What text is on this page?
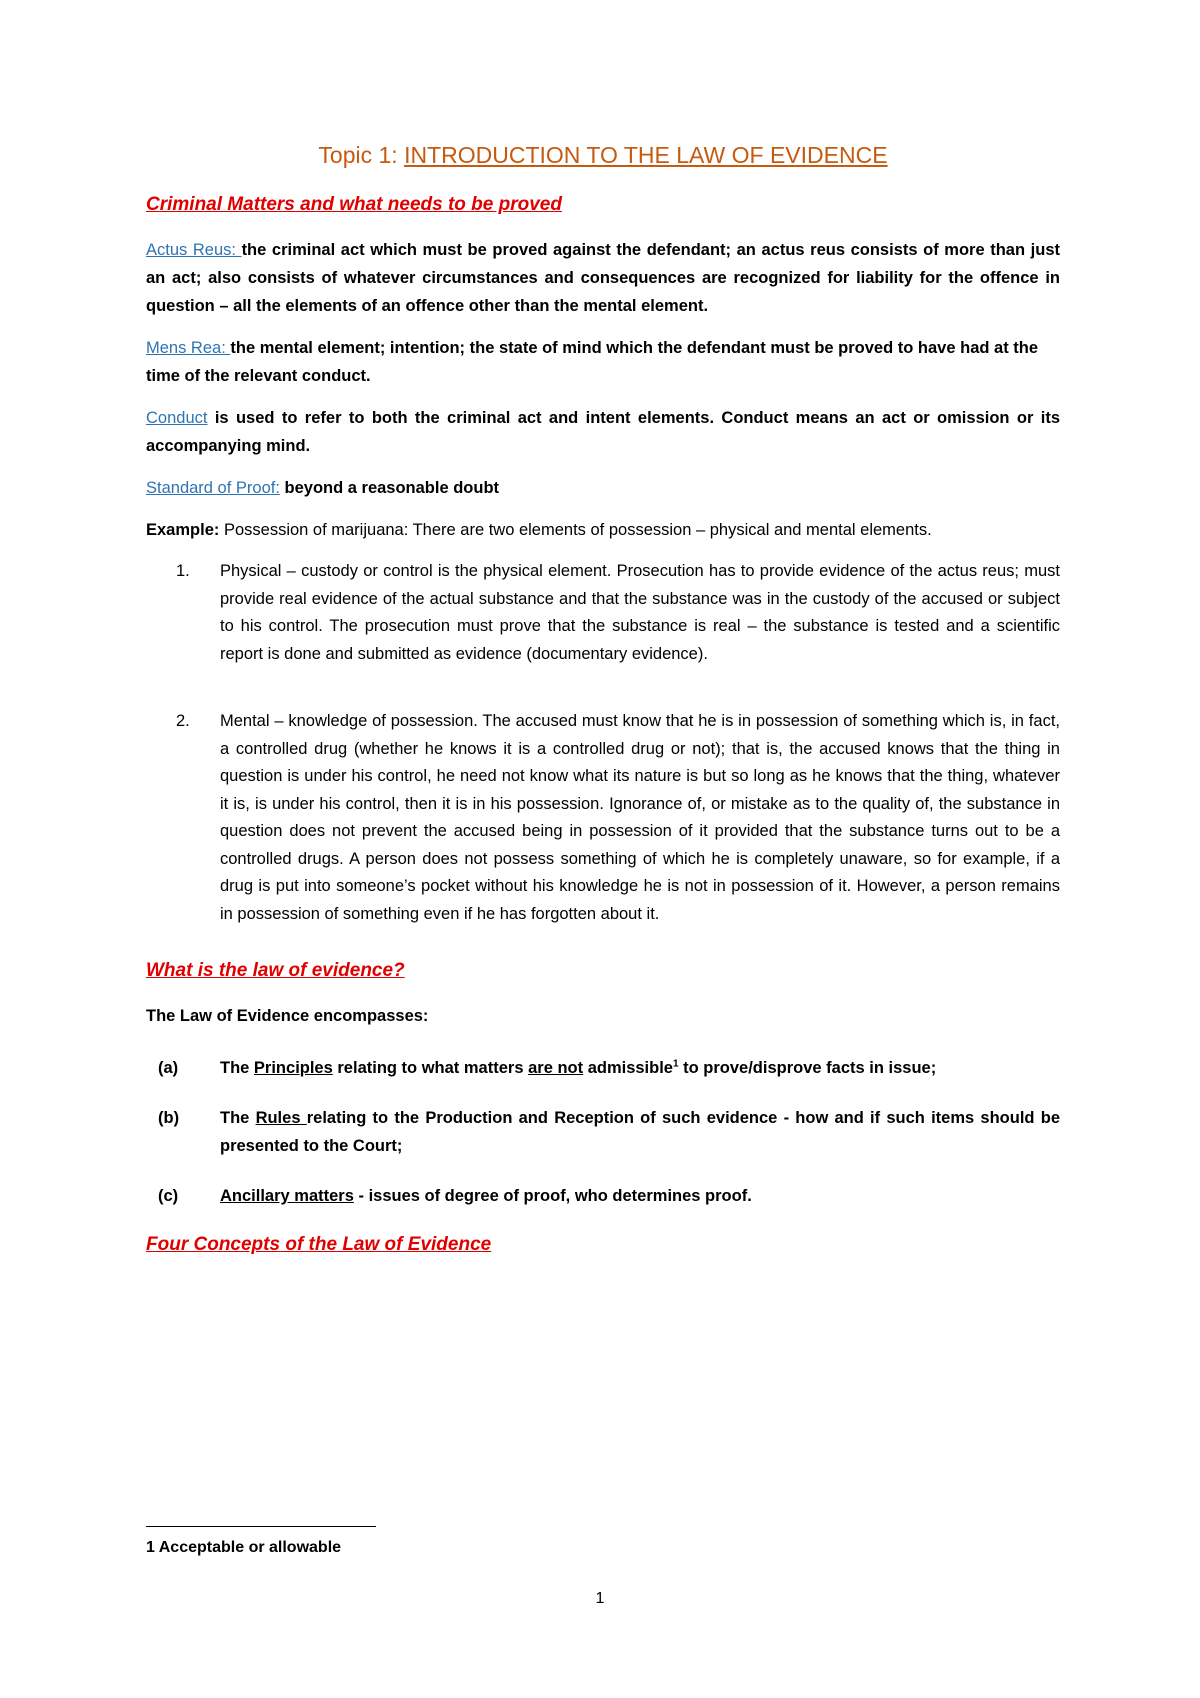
Topic 1: INTRODUCTION TO THE LAW OF EVIDENCE
Criminal Matters and what needs to be proved

Actus Reus: the criminal act which must be proved against the defendant; an actus reus consists of more than just an act; also consists of whatever circumstances and consequences are recognized for liability for the offence in question – all the elements of an offence other than the mental element.

Mens Rea: the mental element; intention; the state of mind which the defendant must be proved to have had at the time of the relevant conduct.

Conduct is used to refer to both the criminal act and intent elements. Conduct means an act or omission or its accompanying mind.

Standard of Proof: beyond a reasonable doubt

Example: Possession of marijuana: There are two elements of possession – physical and mental elements.

1. Physical – custody or control is the physical element. Prosecution has to provide evidence of the actus reus; must provide real evidence of the actual substance and that the substance was in the custody of the accused or subject to his control. The prosecution must prove that the substance is real – the substance is tested and a scientific report is done and submitted as evidence (documentary evidence).
2. Mental – knowledge of possession. The accused must know that he is in possession of something which is, in fact, a controlled drug (whether he knows it is a controlled drug or not); that is, the accused knows that the thing in question is under his control, he need not know what its nature is but so long as he knows that the thing, whatever it is, is under his control, then it is in his possession. Ignorance of, or mistake as to the quality of, the substance in question does not prevent the accused being in possession of it provided that the substance turns out to be a controlled drugs. A person does not possess something of which he is completely unaware, so for example, if a drug is put into someone’s pocket without his knowledge he is not in possession of it. However, a person remains in possession of something even if he has forgotten about it.
What is the law of evidence?
The Law of Evidence encompasses:
(a)	The Principles relating to what matters are not admissible$^1$ to prove/disprove facts in issue;
(b) The Rules relating to the Production and Reception of such evidence - how and if such items should be presented to the Court;
(c)	Ancillary matters - issues of degree of proof, who determines proof.
Four Concepts of the Law of Evidence
1 Acceptable or allowable
1
